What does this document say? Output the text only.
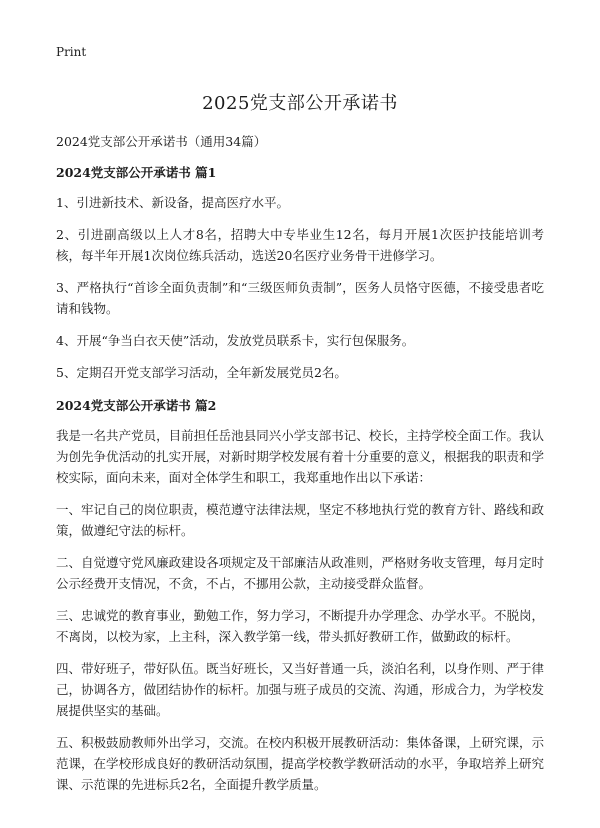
Print

2025党支部公开承诺书

2024党支部公开承诺书（通用34篇）

2024党支部公开承诺书 篇1

1、引进新技术、新设备，提高医疗水平。

2、引进副高级以上人才8名，招聘大中专毕业生12名，每月开展1次医护技能培训考核，每半年开展1次岗位练兵活动，选送20名医疗业务骨干进修学习。

3、严格执行“首诊全面负责制”和“三级医师负责制”，医务人员恪守医德，不接受患者吃请和钱物。

4、开展“争当白衣天使”活动，发放党员联系卡，实行包保服务。

5、定期召开党支部学习活动，全年新发展党员2名。

2024党支部公开承诺书 篇2

我是一名共产党员，目前担任岳池县同兴小学支部书记、校长，主持学校全面工作。我认为创先争优活动的扎实开展，对新时期学校发展有着十分重要的意义，根据我的职责和学校实际，面向未来，面对全体学生和职工，我郑重地作出以下承诺：

一、牢记自己的岗位职责，模范遵守法律法规，坚定不移地执行党的教育方针、路线和政策，做遵纪守法的标杆。

二、自觉遵守党风廉政建设各项规定及干部廉洁从政准则，严格财务收支管理，每月定时公示经费开支情况，不贪，不占，不挪用公款，主动接受群众监督。

三、忠诚党的教育事业，勤勉工作，努力学习，不断提升办学理念、办学水平。不脱岗，不离岗，以校为家，上主科，深入教学第一线，带头抓好教研工作，做勤政的标杆。

四、带好班子，带好队伍。既当好班长，又当好普通一兵，淡泊名利，以身作则、严于律己，协调各方，做团结协作的标杆。加强与班子成员的交流、沟通，形成合力，为学校发展提供坚实的基础。

五、积极鼓励教师外出学习，交流。在校内积极开展教研活动：集体备课，上研究课，示范课，在学校形成良好的教研活动氛围，提高学校教学教研活动的水平，争取培养上研究课、示范课的先进标兵2名，全面提升教学质量。
